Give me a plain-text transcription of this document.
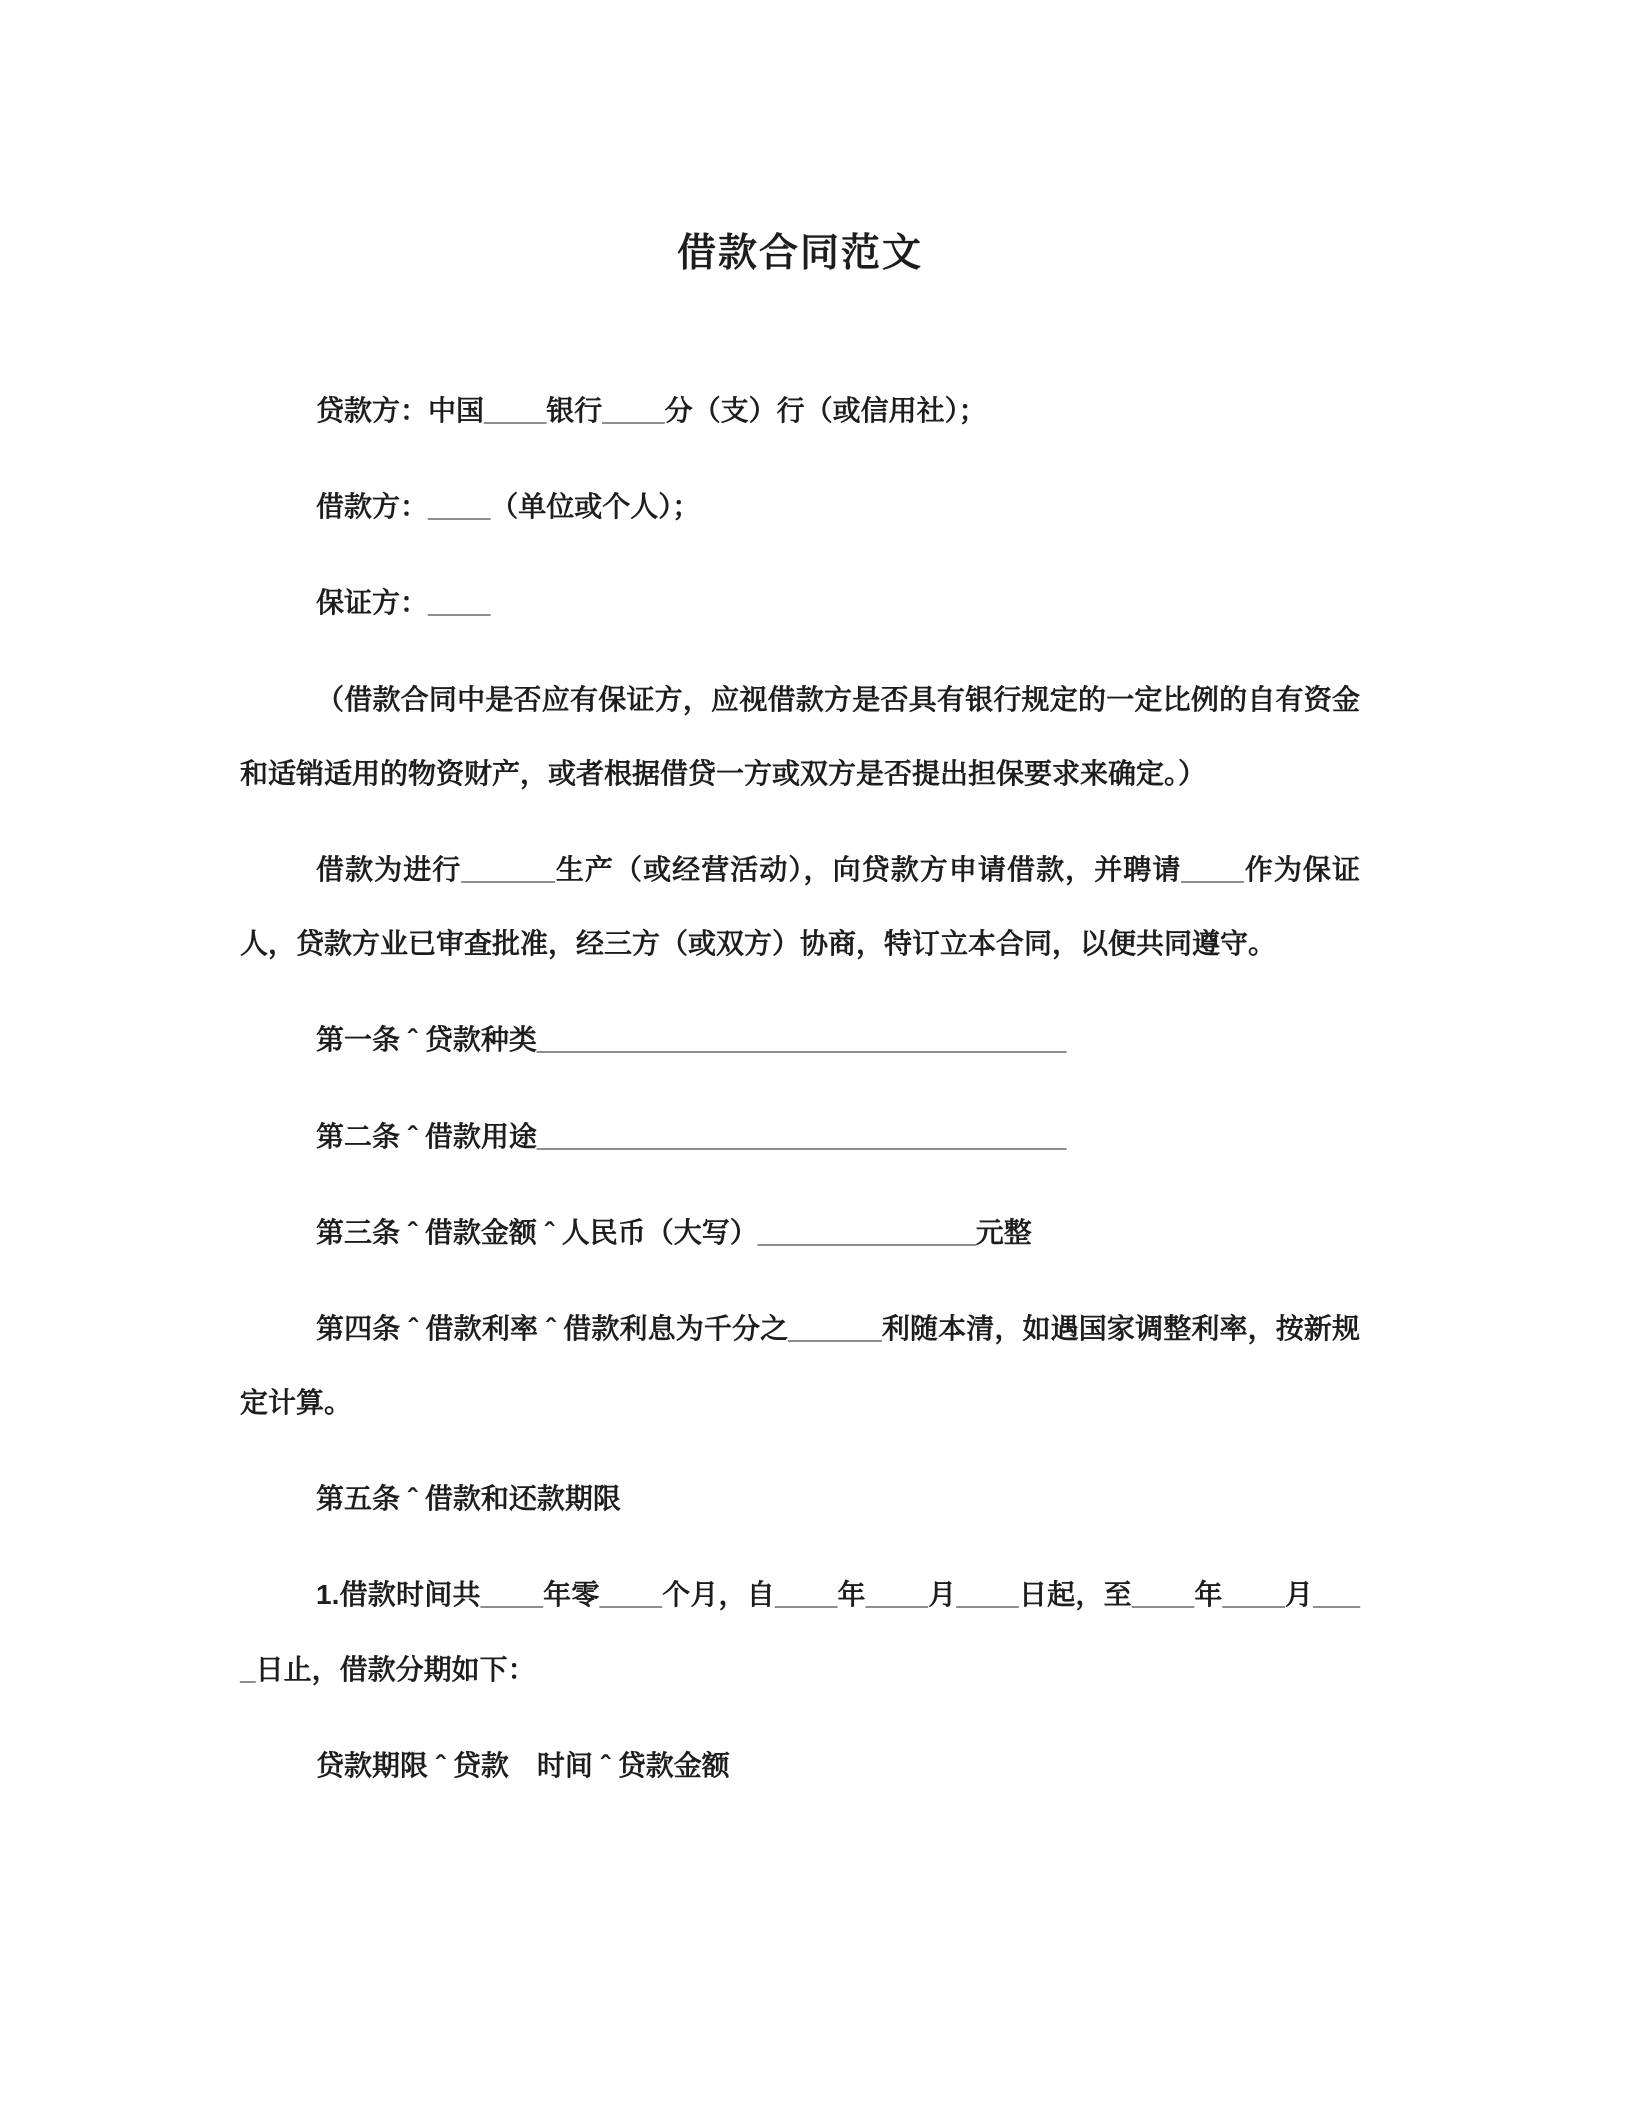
借款合同范文

贷款方：中国____银行____分（支）行（或信用社）；

借款方：____（单位或个人）；

保证方：____

（借款合同中是否应有保证方，应视借款方是否具有银行规定的一定比例的自有资金和适销适用的物资财产，或者根据借贷一方或双方是否提出担保要求来确定。）

借款为进行______生产（或经营活动），向贷款方申请借款，并聘请____作为保证人，贷款方业已审查批准，经三方（或双方）协商，特订立本合同，以便共同遵守。

第一条 ˆ 贷款种类__________________________________

第二条 ˆ 借款用途__________________________________

第三条 ˆ 借款金额 ˆ 人民币（大写）______________元整

第四条 ˆ 借款利率 ˆ 借款利息为千分之______利随本清，如遇国家调整利率，按新规定计算。

第五条 ˆ 借款和还款期限

1.借款时间共____年零____个月，自____年____月____日起，至____年____月____日止，借款分期如下：

贷款期限 ˆ 贷款　时间 ˆ 贷款金额
